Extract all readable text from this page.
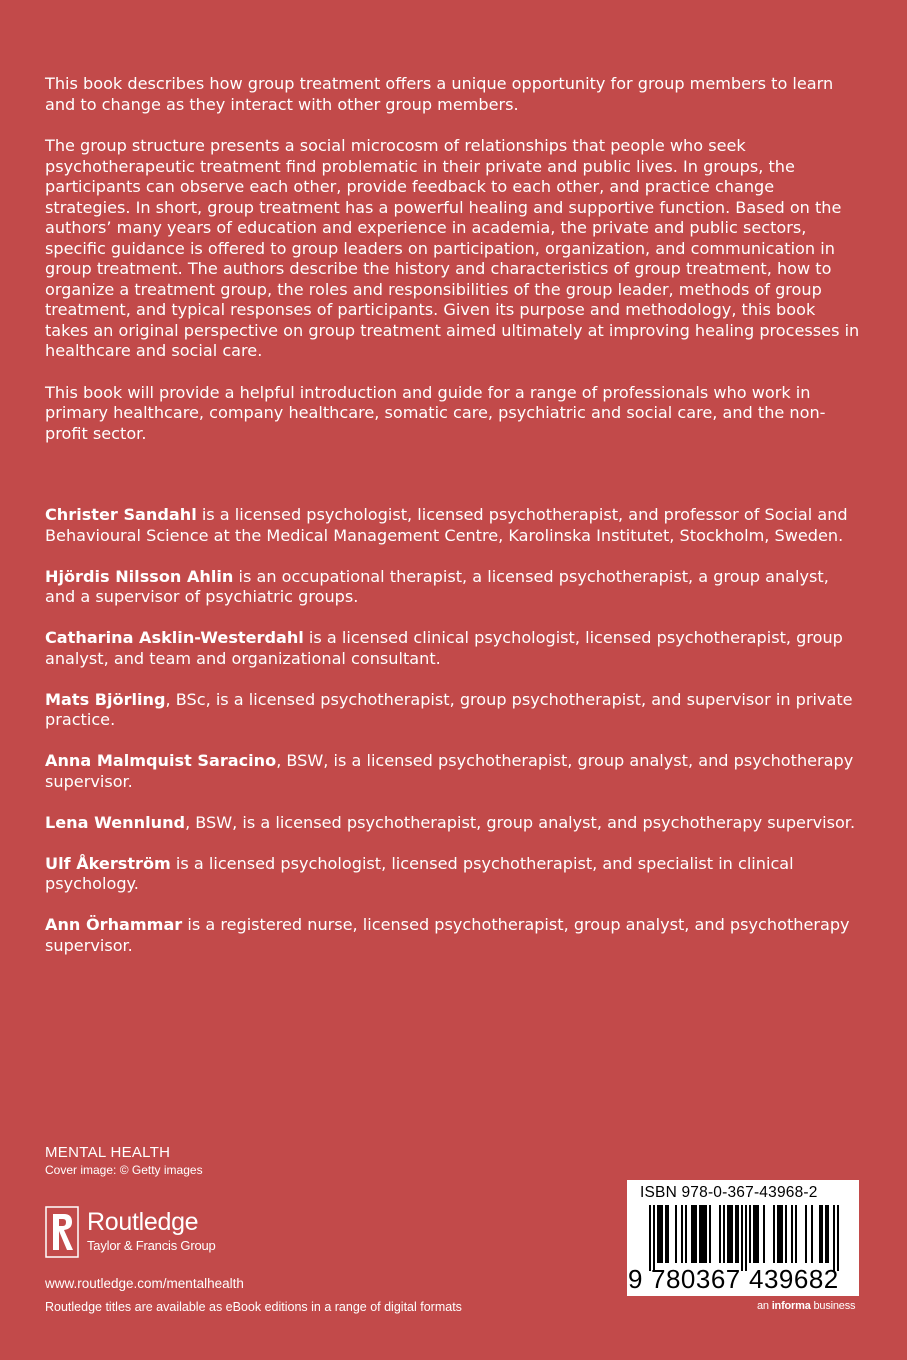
This book describes how group treatment offers a unique opportunity for group members to learn and to change as they interact with other group members.

The group structure presents a social microcosm of relationships that people who seek psychotherapeutic treatment find problematic in their private and public lives. In groups, the participants can observe each other, provide feedback to each other, and practice change strategies. In short, group treatment has a powerful healing and supportive function. Based on the authors’ many years of education and experience in academia, the private and public sectors, specific guidance is offered to group leaders on participation, organization, and communication in group treatment. The authors describe the history and characteristics of group treatment, how to organize a treatment group, the roles and responsibilities of the group leader, methods of group treatment, and typical responses of participants. Given its purpose and methodology, this book takes an original perspective on group treatment aimed ultimately at improving healing processes in healthcare and social care.

This book will provide a helpful introduction and guide for a range of professionals who work in primary healthcare, company healthcare, somatic care, psychiatric and social care, and the non-profit sector.

Christer Sandahl is a licensed psychologist, licensed psychotherapist, and professor of Social and Behavioural Science at the Medical Management Centre, Karolinska Institutet, Stockholm, Sweden.
Hjördis Nilsson Ahlin is an occupational therapist, a licensed psychotherapist, a group analyst, and a supervisor of psychiatric groups.
Catharina Asklin-Westerdahl is a licensed clinical psychologist, licensed psychotherapist, group analyst, and team and organizational consultant.
Mats Björling, BSc, is a licensed psychotherapist, group psychotherapist, and supervisor in private practice.
Anna Malmquist Saracino, BSW, is a licensed psychotherapist, group analyst, and psychotherapy supervisor.
Lena Wennlund, BSW, is a licensed psychotherapist, group analyst, and psychotherapy supervisor.
Ulf Åkerström is a licensed psychologist, licensed psychotherapist, and specialist in clinical psychology.
Ann Örhammar is a registered nurse, licensed psychotherapist, group analyst, and psychotherapy supervisor.
MENTAL HEALTH
Cover image: © Getty images
Routledge
Taylor & Francis Group
www.routledge.com/mentalhealth
Routledge titles are available as eBook editions in a range of digital formats
ISBN 978-0-367-43968-2
9 780367 439682
an informa business
